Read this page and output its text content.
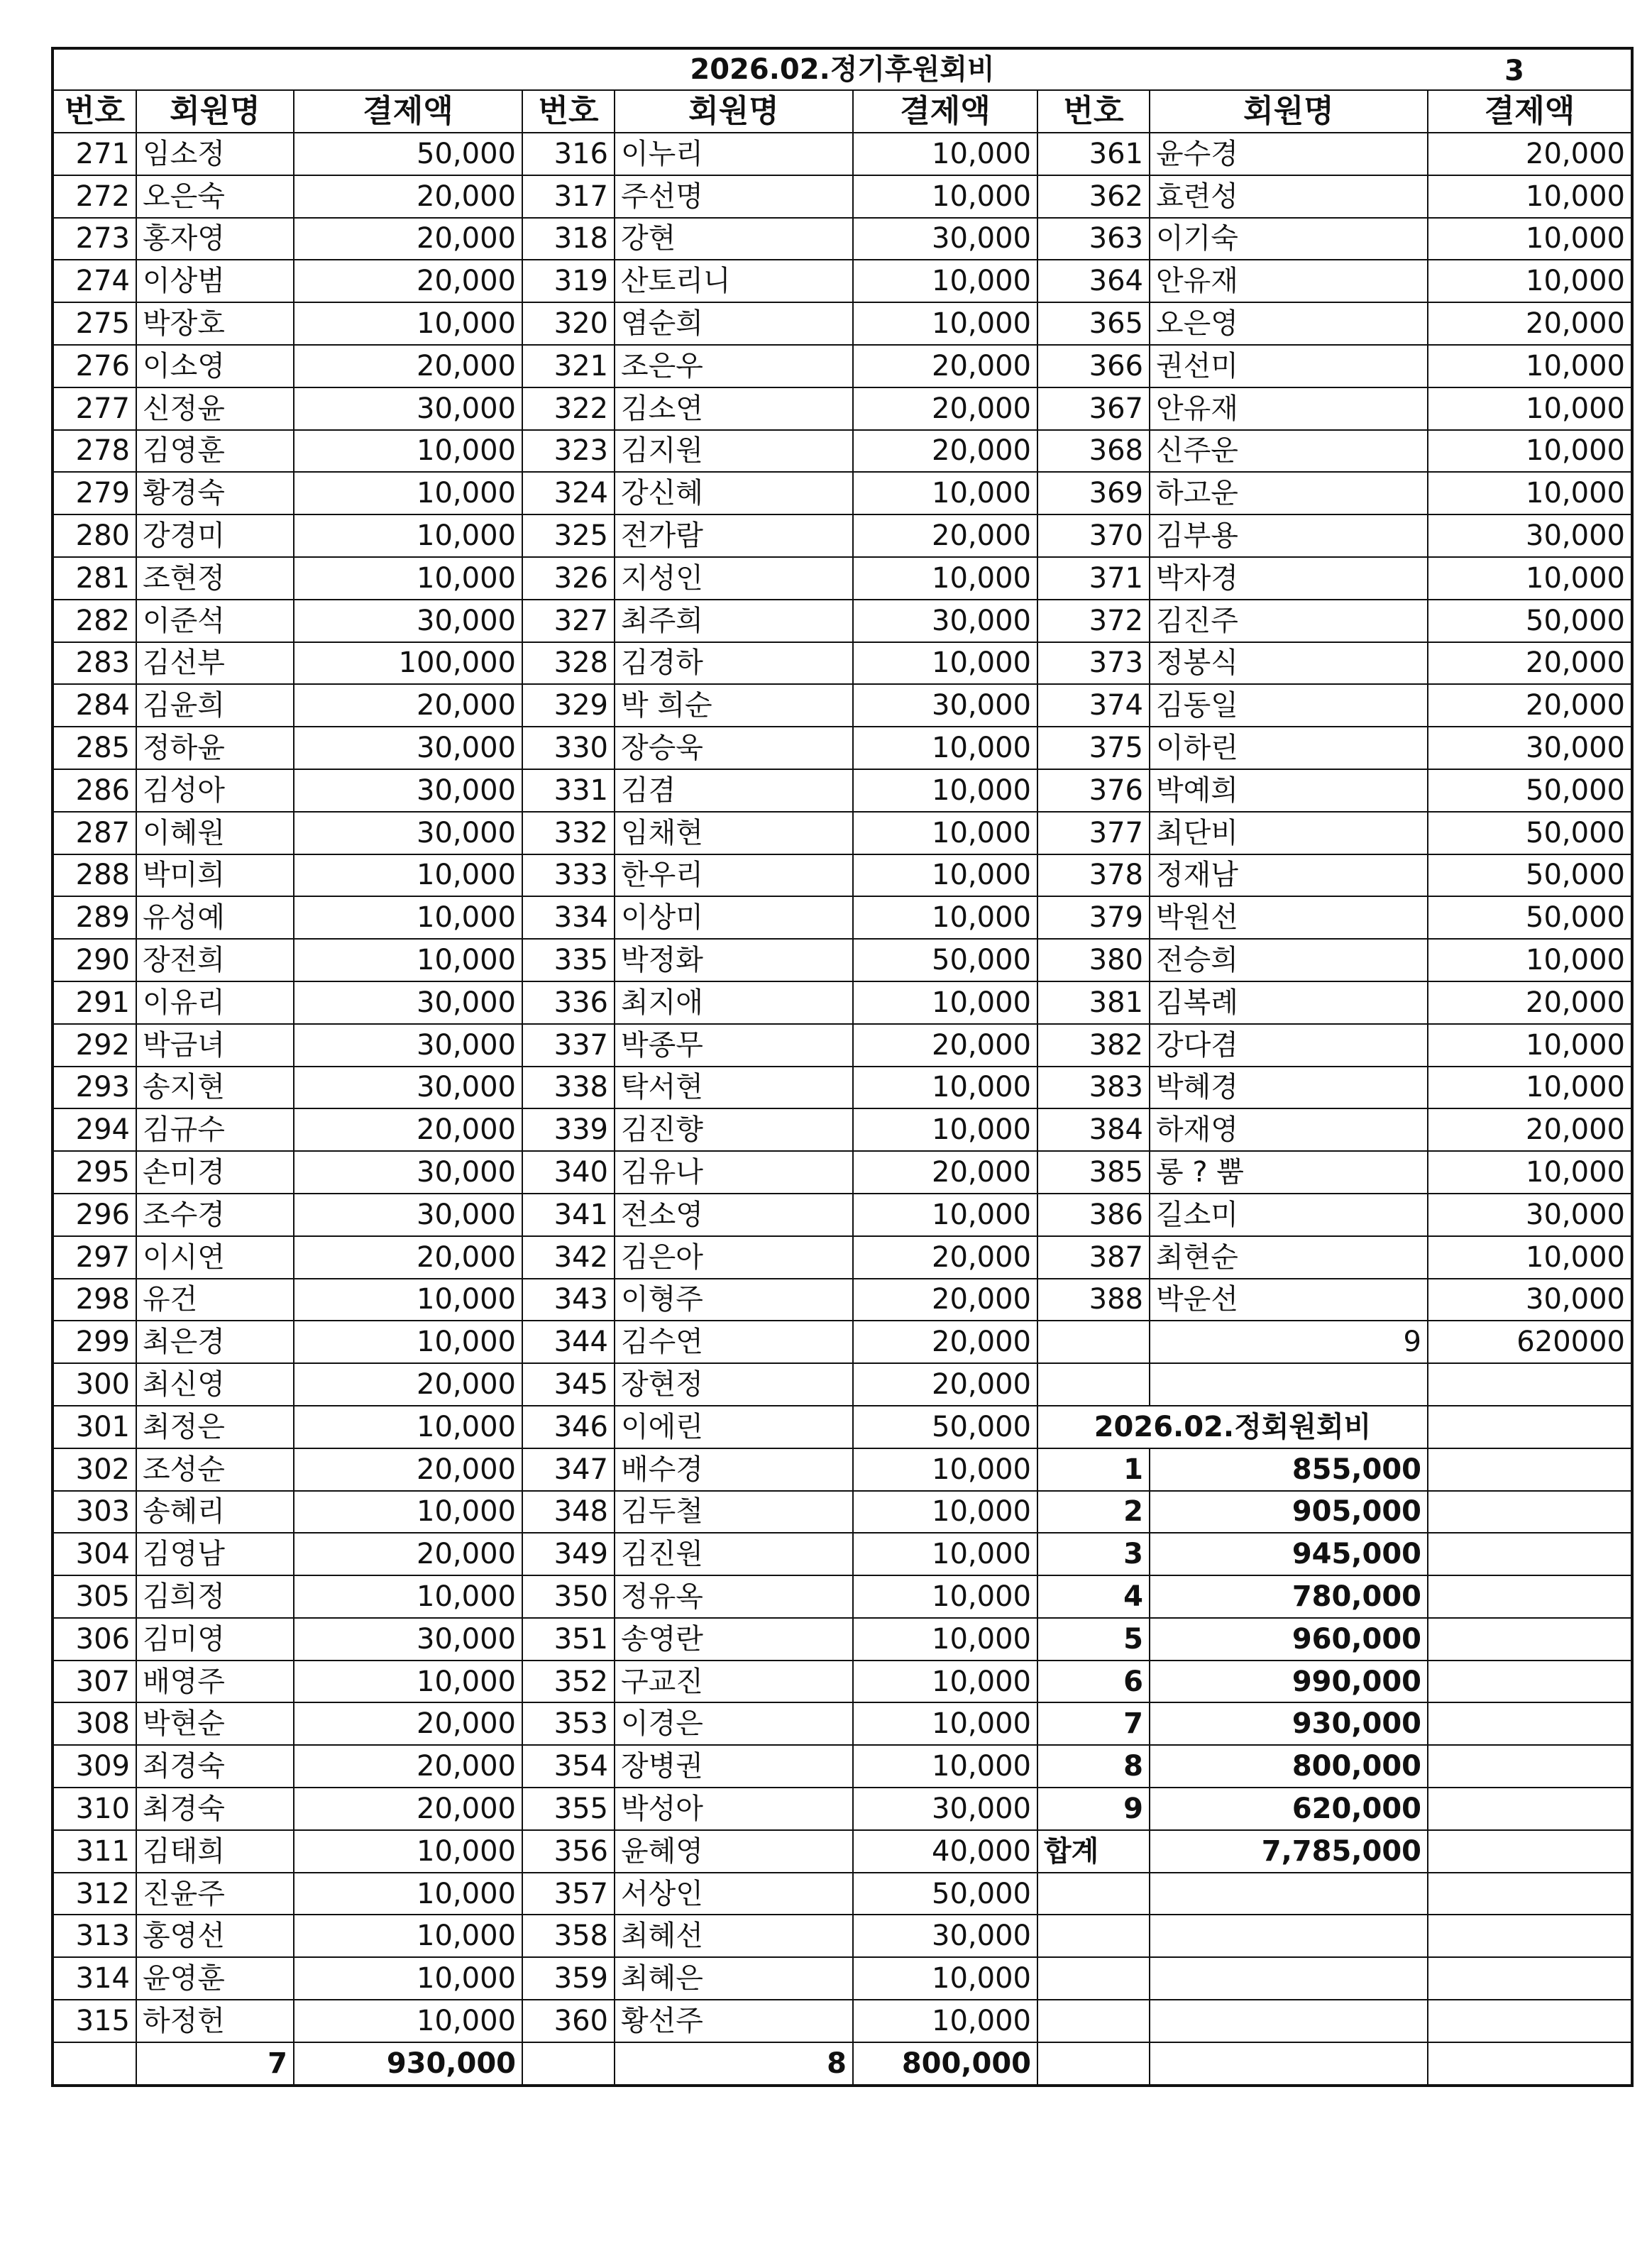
2026.02.정기후원회비 3								

번호	회원명	결제액	번호	회원명	결제액	번호	회원명	결제액
271	임소정	50,000	316	이누리	10,000	361	윤수경	20,000
272	오은숙	20,000	317	주선명	10,000	362	효련성	10,000
273	홍자영	20,000	318	강현	30,000	363	이기숙	10,000
274	이상범	20,000	319	산토리니	10,000	364	안유재	10,000
275	박장호	10,000	320	염순희	10,000	365	오은영	20,000
276	이소영	20,000	321	조은우	20,000	366	권선미	10,000
277	신정윤	30,000	322	김소연	20,000	367	안유재	10,000
278	김영훈	10,000	323	김지원	20,000	368	신주운	10,000
279	황경숙	10,000	324	강신혜	10,000	369	하고운	10,000
280	강경미	10,000	325	전가람	20,000	370	김부용	30,000
281	조현정	10,000	326	지성인	10,000	371	박자경	10,000
282	이준석	30,000	327	최주희	30,000	372	김진주	50,000
283	김선부	100,000	328	김경하	10,000	373	정봉식	20,000
284	김윤희	20,000	329	박 희순	30,000	374	김동일	20,000
285	정하윤	30,000	330	장승욱	10,000	375	이하린	30,000
286	김성아	30,000	331	김겸	10,000	376	박예희	50,000
287	이혜원	30,000	332	임채현	10,000	377	최단비	50,000
288	박미희	10,000	333	한우리	10,000	378	정재남	50,000
289	유성예	10,000	334	이상미	10,000	379	박원선	50,000
290	장전희	10,000	335	박정화	50,000	380	전승희	10,000
291	이유리	30,000	336	최지애	10,000	381	김복례	20,000
292	박금녀	30,000	337	박종무	20,000	382	강다겸	10,000
293	송지현	30,000	338	탁서현	10,000	383	박혜경	10,000
294	김규수	20,000	339	김진향	10,000	384	하재영	20,000
295	손미경	30,000	340	김유나	20,000	385	롱 ? 뿜	10,000
296	조수경	30,000	341	전소영	10,000	386	길소미	30,000
297	이시연	20,000	342	김은아	20,000	387	최현순	10,000
298	유건	10,000	343	이형주	20,000	388	박운선	30,000
299	최은경	10,000	344	김수연	20,000		9	620000
300	최신영	20,000	345	장현정	20,000			
301	최정은	10,000	346	이에린	50,000	2026.02.정회원회비		
302	조성순	20,000	347	배수경	10,000	1	855,000	
303	송혜리	10,000	348	김두철	10,000	2	905,000	
304	김영남	20,000	349	김진원	10,000	3	945,000	
305	김희정	10,000	350	정유옥	10,000	4	780,000	
306	김미영	30,000	351	송영란	10,000	5	960,000	
307	배영주	10,000	352	구교진	10,000	6	990,000	
308	박현순	20,000	353	이경은	10,000	7	930,000	
309	죄경숙	20,000	354	장병권	10,000	8	800,000	
310	최경숙	20,000	355	박성아	30,000	9	620,000	
311	김태희	10,000	356	윤혜영	40,000	합계	7,785,000	
312	진윤주	10,000	357	서상인	50,000			
313	홍영선	10,000	358	최혜선	30,000			
314	윤영훈	10,000	359	최혜은	10,000			
315	하정헌	10,000	360	황선주	10,000			
	7	930,000		8	800,000			
